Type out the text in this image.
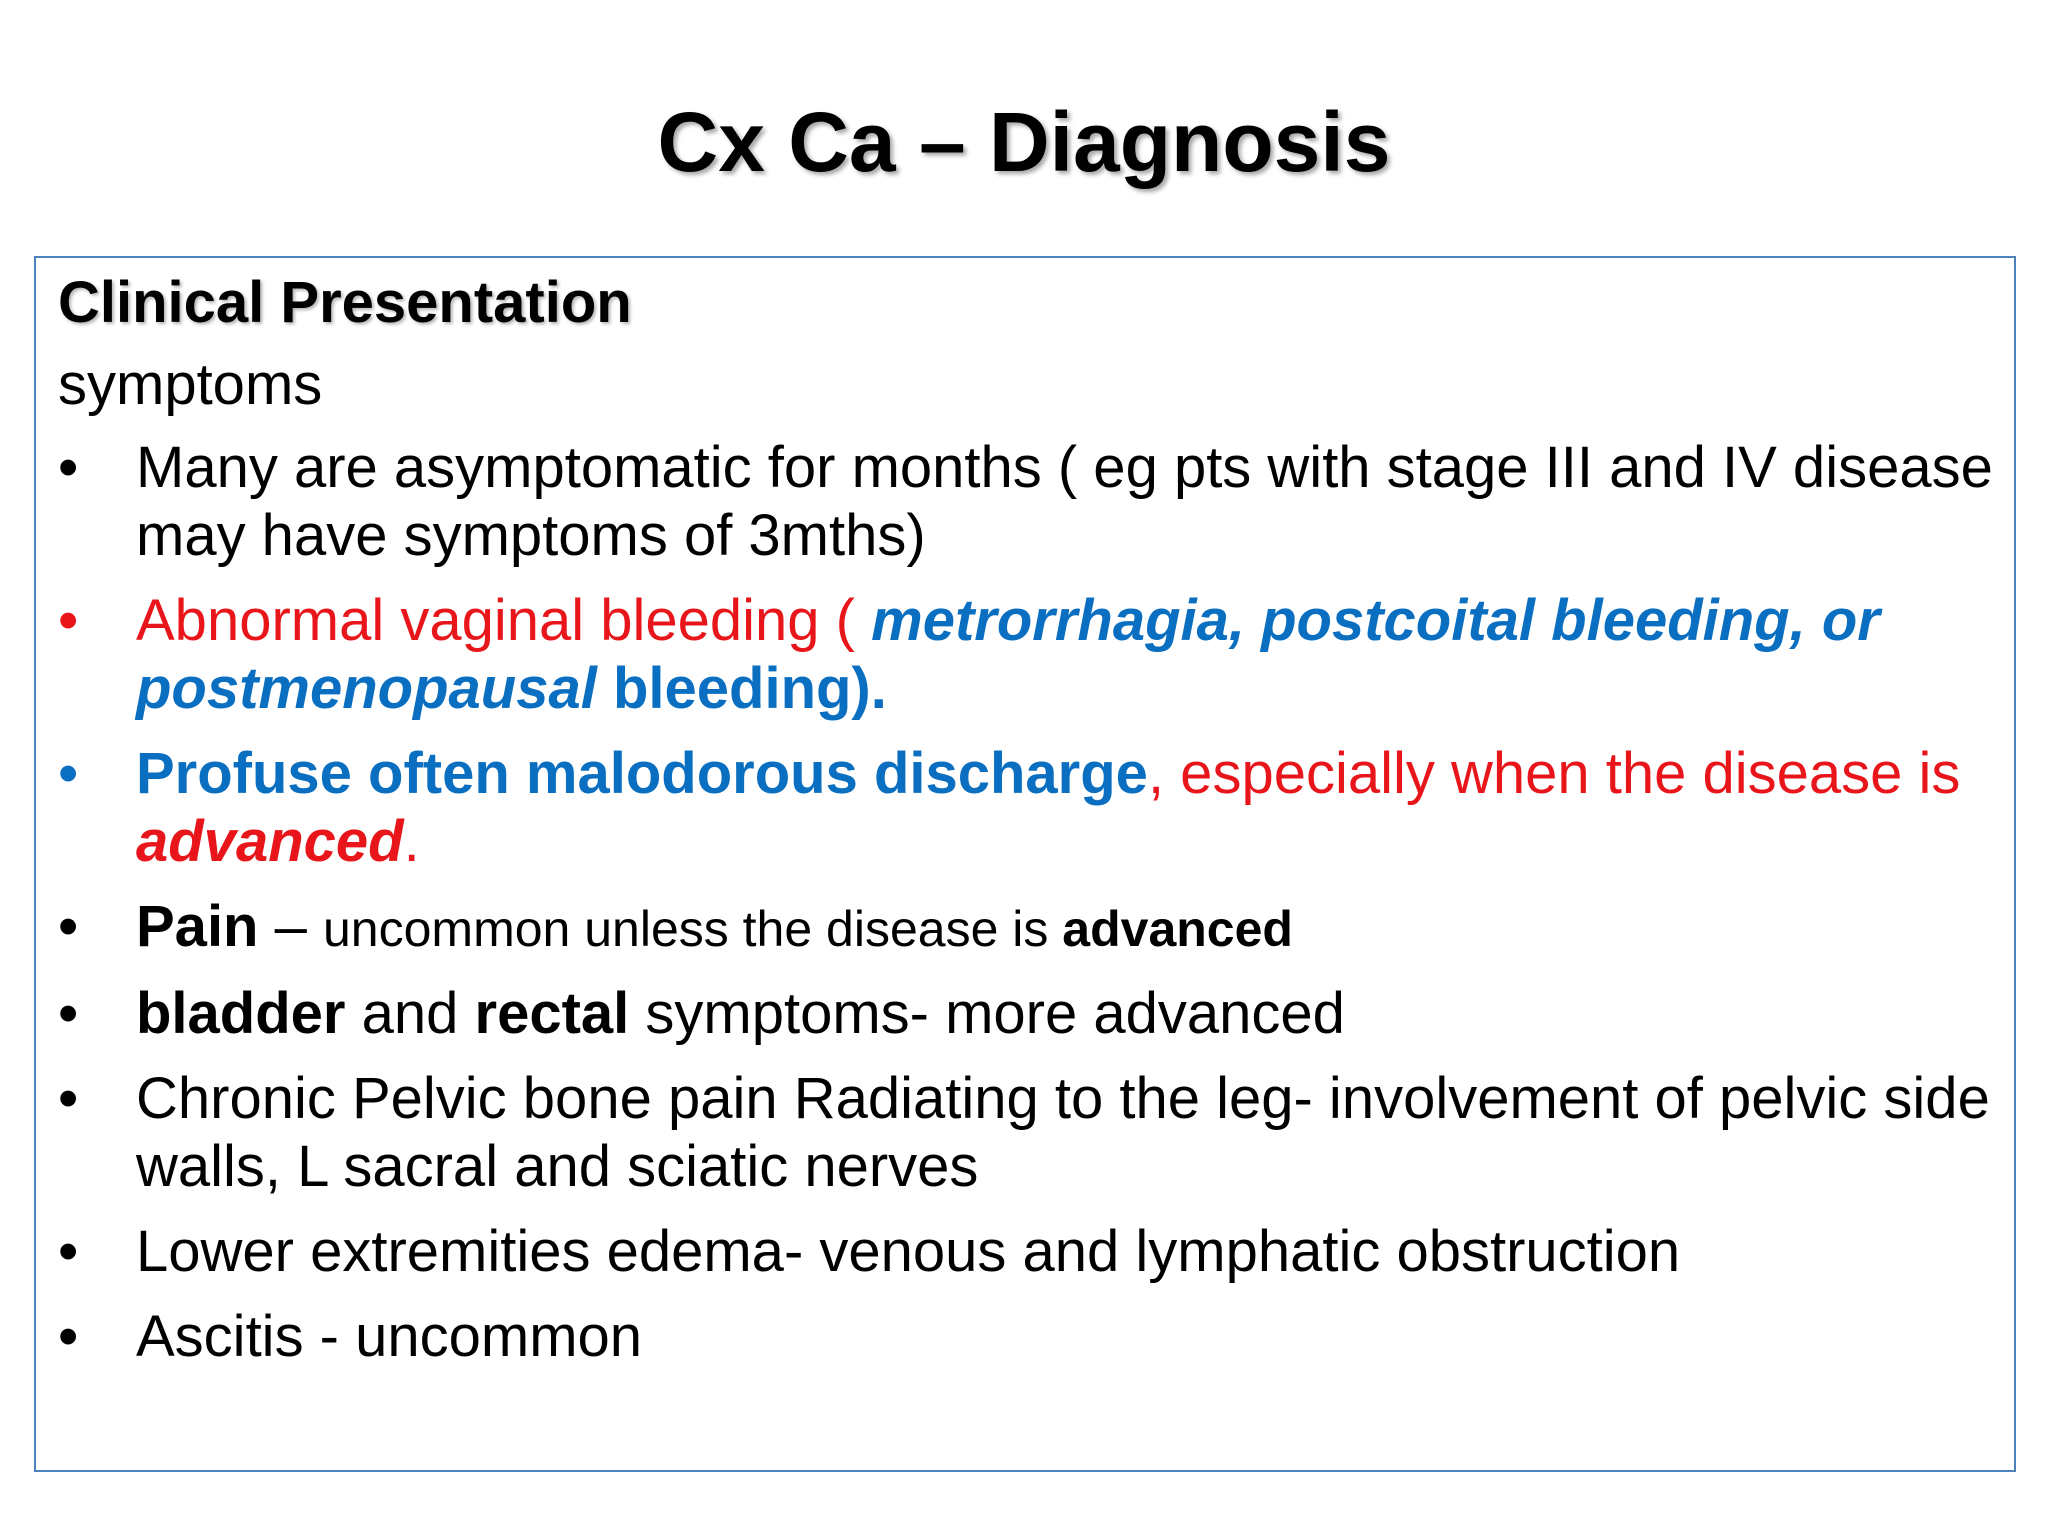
Cx Ca – Diagnosis
Clinical Presentation
symptoms
• Many are asymptomatic for months ( eg pts with stage III and IV disease may have symptoms of 3mths)
• Abnormal vaginal bleeding ( metrorrhagia, postcoital bleeding, or postmenopausal bleeding).
• Profuse often malodorous discharge, especially when the disease is advanced.
• Pain – uncommon unless the disease is advanced
• bladder and rectal symptoms- more advanced
• Chronic Pelvic bone pain Radiating to the leg- involvement of pelvic side walls, L sacral and sciatic nerves
• Lower extremities edema- venous and lymphatic obstruction
• Ascitis - uncommon
